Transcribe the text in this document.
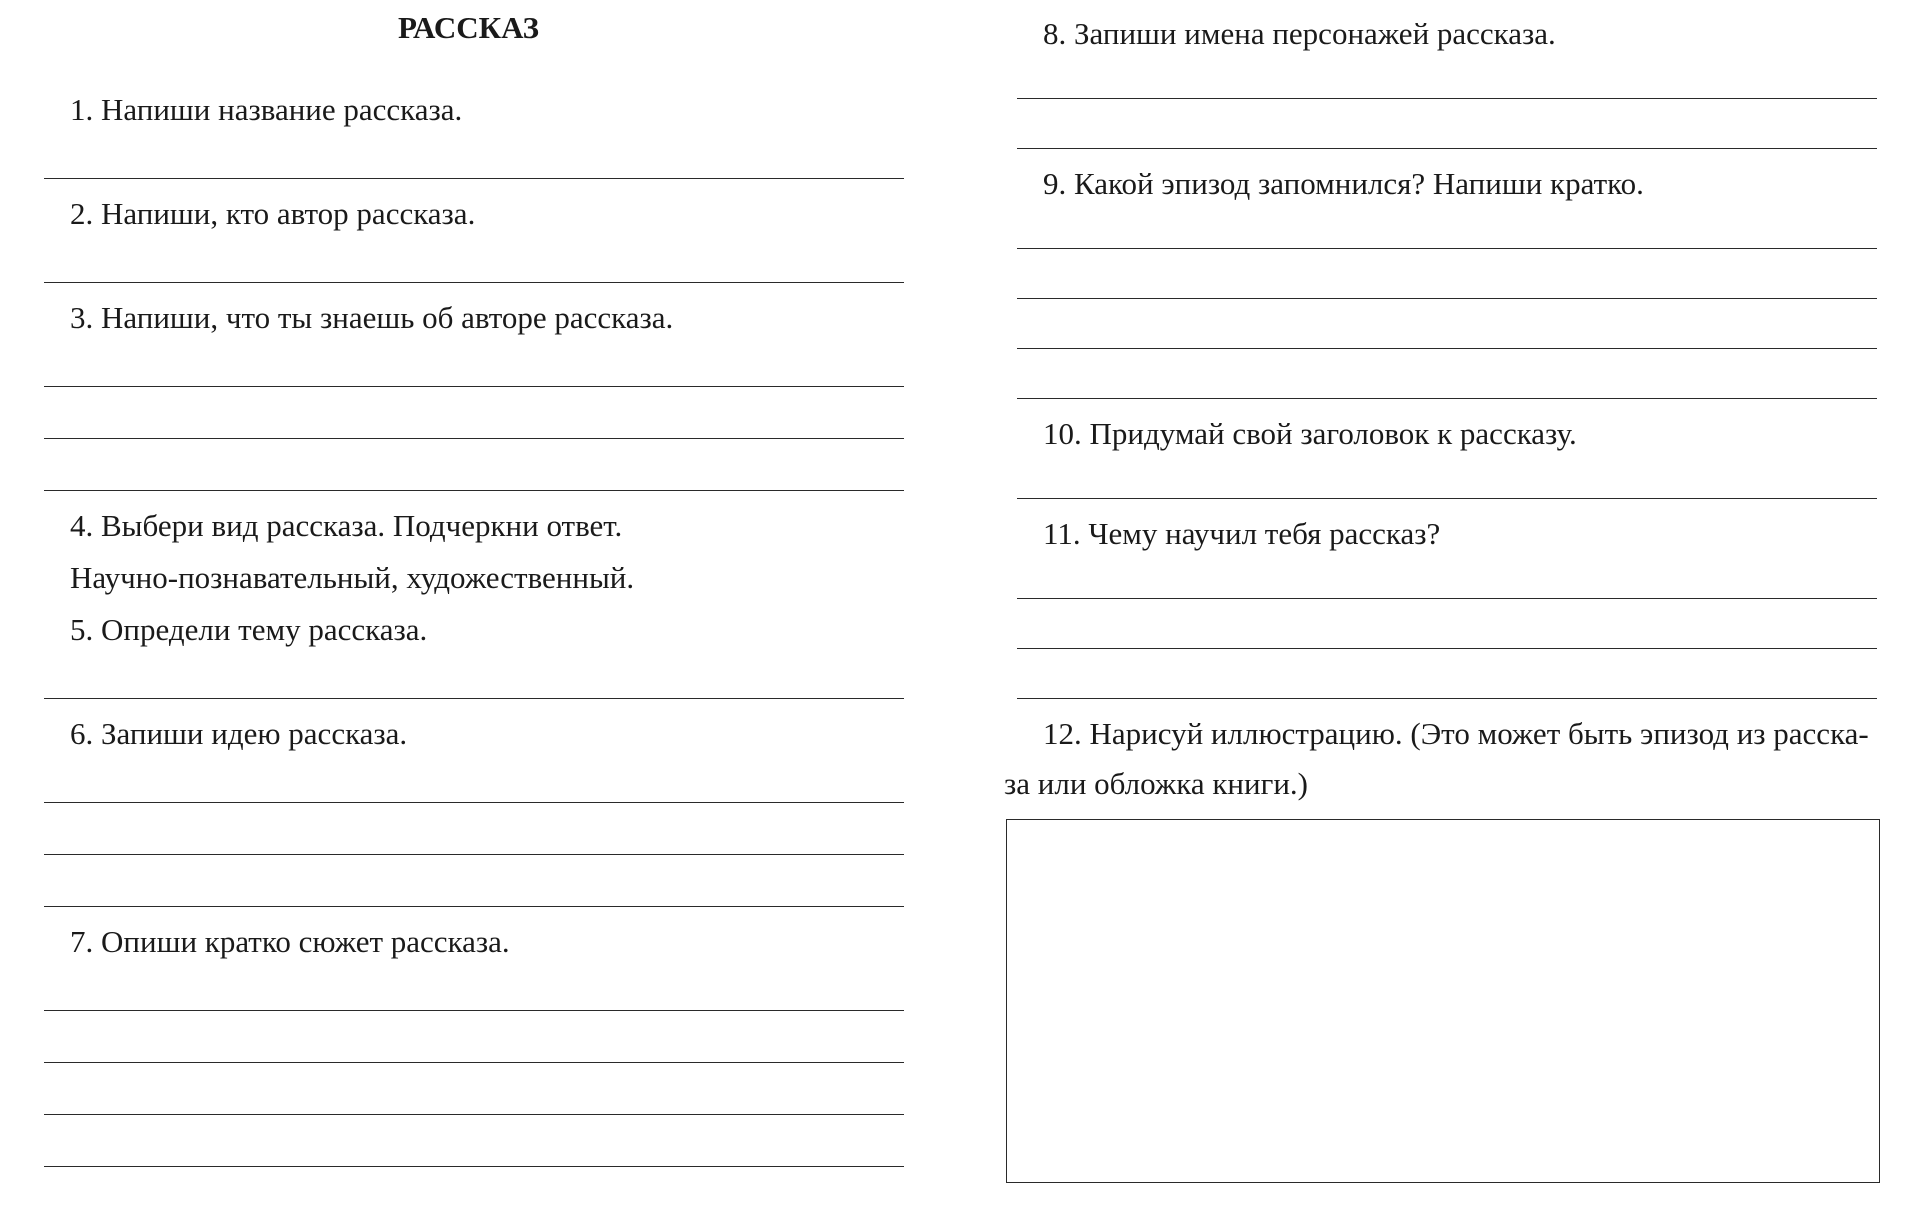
РАССКАЗ
1. Напиши название рассказа.
2. Напиши, кто автор рассказа.
3. Напиши, что ты знаешь об авторе рассказа.
4. Выбери вид рассказа. Подчеркни ответ.
Научно-познавательный, художественный.
5. Определи тему рассказа.
6. Запиши идею рассказа.
7. Опиши кратко сюжет рассказа.
8. Запиши имена персонажей рассказа.
9. Какой эпизод запомнился? Напиши кратко.
10. Придумай свой заголовок к рассказу.
11. Чему научил тебя рассказ?
12. Нарисуй иллюстрацию. (Это может быть эпизод из расска-
за или обложка книги.)
